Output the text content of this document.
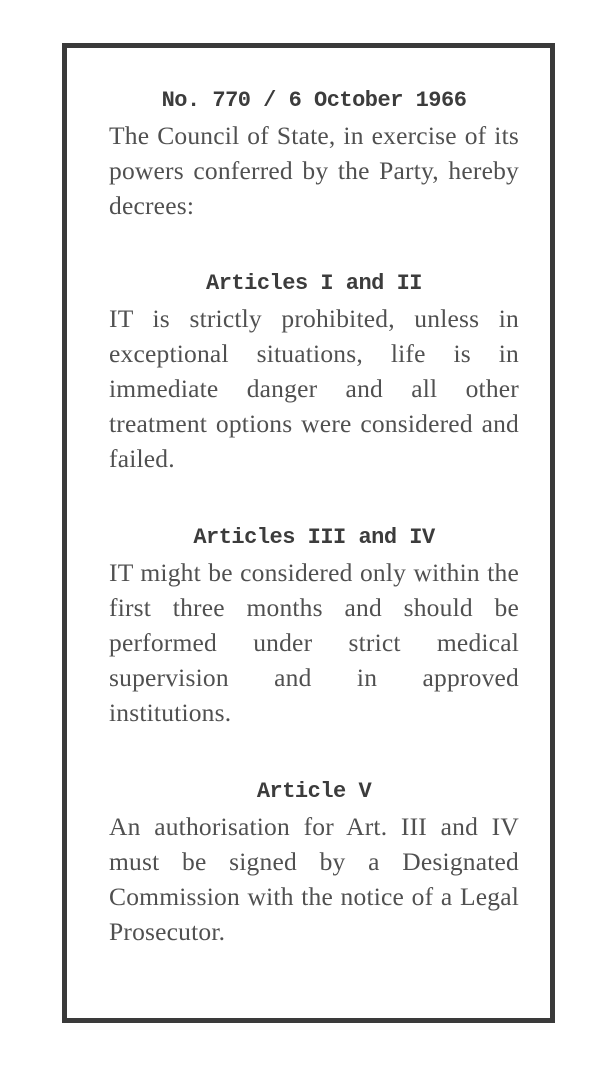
No. 770 / 6 October 1966

The Council of State, in exercise of its powers conferred by the Party, hereby decrees:

Articles I and II

IT is strictly prohibited, unless in exceptional situations, life is in immediate danger and all other treatment options were considered and failed.

Articles III and IV

IT might be considered only within the first three months and should be performed under strict medical supervision and in approved institutions.

Article V

An authorisation for Art. III and IV must be signed by a Designated Commission with the notice of a Legal Prosecutor.
